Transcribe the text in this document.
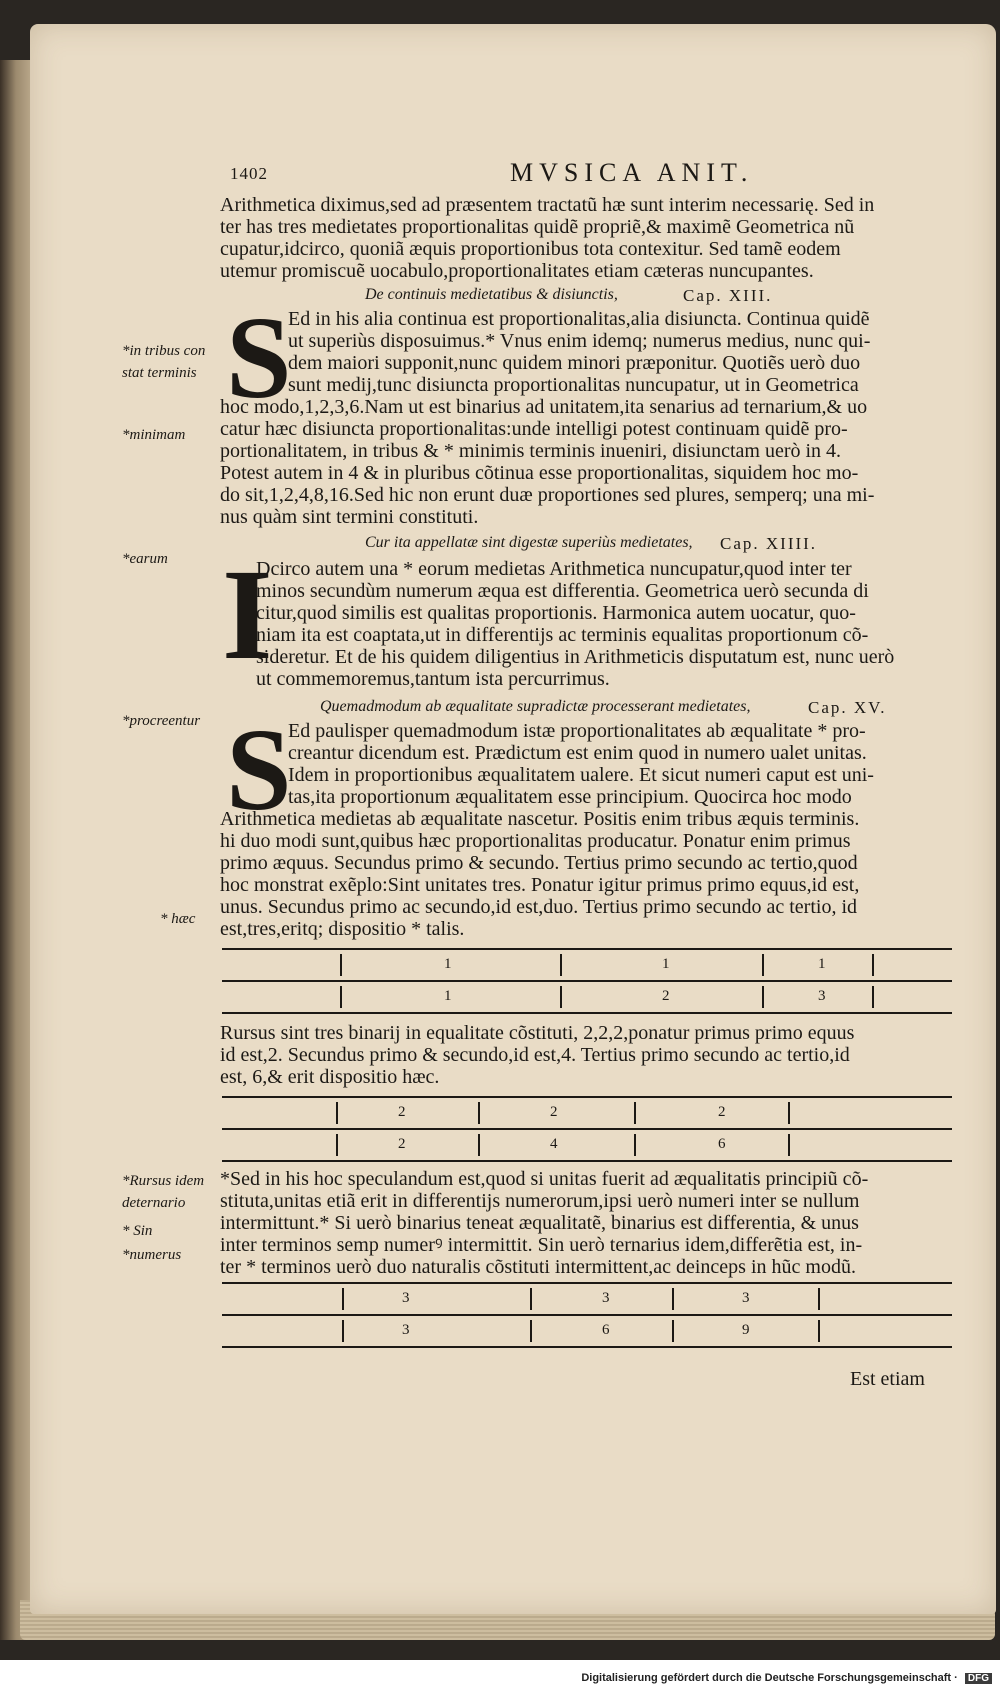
1402	MVSICA ANIT.
Arithmetica diximus,sed ad præsentem tractatũ hæ sunt interim necessarię. Sed in
ter has tres medietates proportionalitas quidẽ propriẽ,& maximẽ Geometrica nũ
cupatur,idcirco, quoniã æquis proportionibus tota contexitur. Sed tamẽ eodem
utemur promiscuẽ uocabulo,proportionalitates etiam cæteras nuncupantes.
De continuis medietatibus & disiunctis,	Cap. XIII.
S
Ed in his alia continua est proportionalitas,alia disiuncta. Continua quidẽ
ut superiùs disposuimus.* Vnus enim idemq; numerus medius, nunc qui-
dem maiori supponit,nunc quidem minori præponitur. Quotiẽs uerò duo
sunt medij,tunc disiuncta proportionalitas nuncupatur, ut in Geometrica
hoc modo,1,2,3,6.Nam ut est binarius ad unitatem,ita senarius ad ternarium,& uo
catur hæc disiuncta proportionalitas:unde intelligi potest continuam quidẽ pro-
portionalitatem, in tribus & * minimis terminis inueniri, disiunctam uerò in 4.
Potest autem in 4 & in pluribus cõtinua esse proportionalitas, siquidem hoc mo-
do sit,1,2,4,8,16.Sed hic non erunt duæ proportiones sed plures, semperq; una mi-
nus quàm sint termini constituti.
Cur ita appellatæ sint digestæ superiùs medietates, Cap. XIIII.
I
Dcirco autem una * eorum medietas Arithmetica nuncupatur,quod inter ter
minos secundùm numerum æqua est differentia. Geometrica uerò secunda di
citur,quod similis est qualitas proportionis. Harmonica autem uocatur, quo-
niam ita est coaptata,ut in differentijs ac terminis equalitas proportionum cõ-
sideretur. Et de his quidem diligentius in Arithmeticis disputatum est, nunc uerò
ut commemoremus,tantum ista percurrimus.
Quemadmodum ab æqualitate supradictæ processerant medietates,	Cap. XV.
S
Ed paulisper quemadmodum istæ proportionalitates ab æqualitate * pro-
creantur dicendum est. Prædictum est enim quod in numero ualet unitas.
Idem in proportionibus æqualitatem ualere. Et sicut numeri caput est uni-
tas,ita proportionum æqualitatem esse principium. Quocirca hoc modo
Arithmetica medietas ab æqualitate nascetur. Positis enim tribus æquis terminis.
hi duo modi sunt,quibus hæc proportionalitas producatur. Ponatur enim primus
primo æquus. Secundus primo & secundo. Tertius primo secundo ac tertio,quod
hoc monstrat exẽplo:Sint unitates tres. Ponatur igitur primus primo equus,id est,
unus. Secundus primo ac secundo,id est,duo. Tertius primo secundo ac tertio, id
est,tres,eritq; dispositio * talis.
1	1	1
1	2	3
Rursus sint tres binarij in equalitate cõstituti, 2,2,2,ponatur primus primo equus
id est,2. Secundus primo & secundo,id est,4. Tertius primo secundo ac tertio,id
est, 6,& erit dispositio hæc.
2	2	2
2	4	6
*Sed in his hoc speculandum est,quod si unitas fuerit ad æqualitatis principiũ cõ-
stituta,unitas etiã erit in differentijs numerorum,ipsi uerò numeri inter se nullum
intermittunt.* Si uerò binarius teneat æqualitatẽ, binarius est differentia, & unus
inter terminos semp numerꝰ intermittit. Sin uerò ternarius idem,differẽtia est, in-
ter * terminos uerò duo naturalis cõstituti intermittent,ac deinceps in hũc modũ.
3	3	3
3	6	9
Est etiam
*in tribus con
stat terminis
*minimam
*earum
*procreentur
* hæc
*Rursus idem
deternario
* Sin
*numerus
Digitalisierung gefördert durch die Deutsche Forschungsgemeinschaft · DFG
